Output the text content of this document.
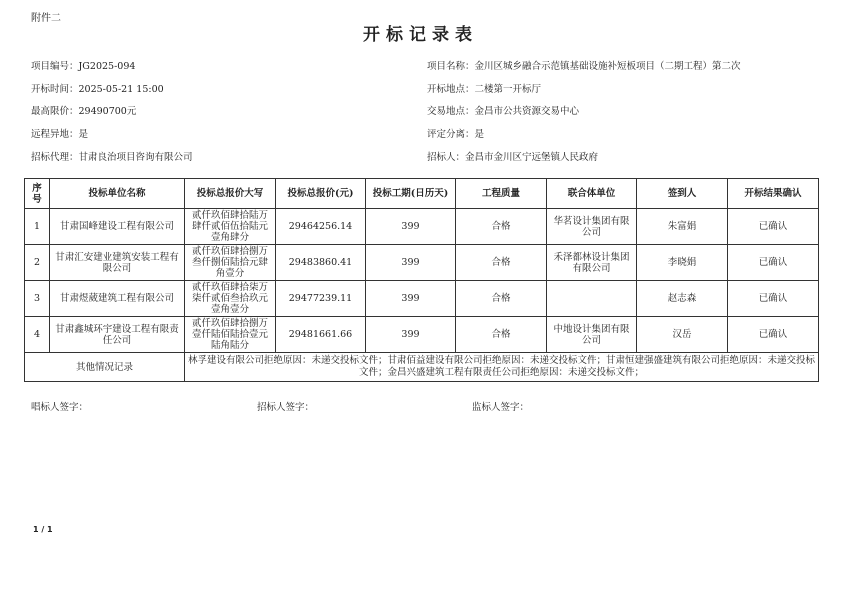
附件二
开标记录表
项目编号：JG2025-094	项目名称：金川区城乡融合示范镇基础设施补短板项目（二期工程）第二次
开标时间：2025-05-21 15:00	开标地点：二楼第一开标厅
最高限价：29490700元	交易地点：金昌市公共资源交易中心
远程异地：是	评定分离：是
招标代理：甘肃良治项目咨询有限公司	招标人：金昌市金川区宁远堡镇人民政府
序号	投标单位名称	投标总报价大写	投标总报价(元)	投标工期(日历天)	工程质量	联合体单位	签到人	开标结果确认
1	甘肃国峰建设工程有限公司	贰仟玖佰肆拾陆万肆仟贰佰伍拾陆元壹角肆分	29464256.14	399	合格	华茗设计集团有限公司	朱富娟	已确认
2	甘肃汇安建业建筑安装工程有限公司	贰仟玖佰肆拾捌万叁仟捌佰陆拾元肆角壹分	29483860.41	399	合格	禾泽都林设计集团有限公司	李晓娟	已确认
3	甘肃煜葳建筑工程有限公司	贰仟玖佰肆拾柒万柒仟贰佰叁拾玖元壹角壹分	29477239.11	399	合格		赵志森	已确认
4	甘肃鑫城环宇建设工程有限责任公司	贰仟玖佰肆拾捌万壹仟陆佰陆拾壹元陆角陆分	29481661.66	399	合格	中地设计集团有限公司	汉岳	已确认
其他情况记录		林孚建设有限公司拒绝原因：未递交投标文件；甘肃佰益建设有限公司拒绝原因：未递交投标文件；甘肃恒建强盛建筑有限公司拒绝原因：未递交投标文件；金昌兴盛建筑工程有限责任公司拒绝原因：未递交投标文件；						
唱标人签字：	招标人签字：	监标人签字：
1 / 1
